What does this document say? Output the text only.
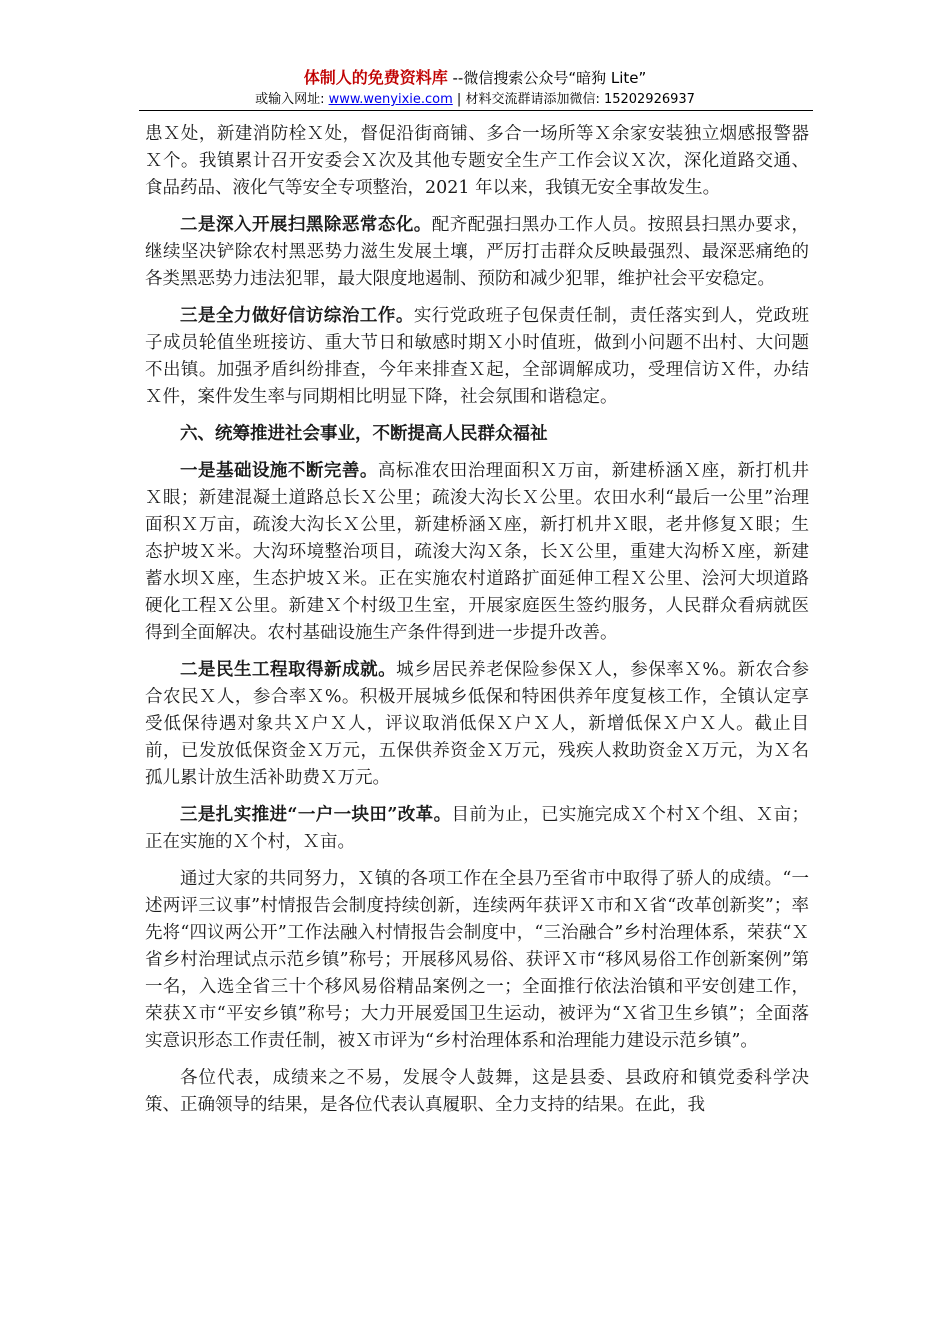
体制人的免费资料库 --微信搜索公众号“暗狗 Lite”
或输入网址: www.wenyixie.com | 材料交流群请添加微信: 15202926937

患Ｘ处，新建消防栓Ｘ处，督促沿街商铺、多合一场所等Ｘ余家安装独立烟感报警器Ｘ个。我镇累计召开安委会Ｘ次及其他专题安全生产工作会议Ｘ次，深化道路交通、食品药品、液化气等安全专项整治，2021 年以来，我镇无安全事故发生。

二是深入开展扫黑除恶常态化。配齐配强扫黑办工作人员。按照县扫黑办要求，继续坚决铲除农村黑恶势力滋生发展土壤，严厉打击群众反映最强烈、最深恶痛绝的各类黑恶势力违法犯罪，最大限度地遏制、预防和减少犯罪，维护社会平安稳定。

三是全力做好信访综治工作。实行党政班子包保责任制，责任落实到人，党政班子成员轮值坐班接访、重大节日和敏感时期Ｘ小时值班，做到小问题不出村、大问题不出镇。加强矛盾纠纷排查，今年来排查Ｘ起，全部调解成功，受理信访Ｘ件，办结Ｘ件，案件发生率与同期相比明显下降，社会氛围和谐稳定。

六、统筹推进社会事业，不断提高人民群众福祉

一是基础设施不断完善。高标准农田治理面积Ｘ万亩，新建桥涵Ｘ座，新打机井Ｘ眼；新建混凝土道路总长Ｘ公里；疏浚大沟长Ｘ公里。农田水利“最后一公里”治理面积Ｘ万亩，疏浚大沟长Ｘ公里，新建桥涵Ｘ座，新打机井Ｘ眼，老井修复Ｘ眼；生态护坡Ｘ米。大沟环境整治项目，疏浚大沟Ｘ条，长Ｘ公里，重建大沟桥Ｘ座，新建蓄水坝Ｘ座，生态护坡Ｘ米。正在实施农村道路扩面延伸工程Ｘ公里、浍河大坝道路硬化工程Ｘ公里。新建Ｘ个村级卫生室，开展家庭医生签约服务，人民群众看病就医得到全面解决。农村基础设施生产条件得到进一步提升改善。

二是民生工程取得新成就。城乡居民养老保险参保Ｘ人，参保率Ｘ%。新农合参合农民Ｘ人，参合率Ｘ%。积极开展城乡低保和特困供养年度复核工作，全镇认定享受低保待遇对象共Ｘ户Ｘ人，评议取消低保Ｘ户Ｘ人，新增低保Ｘ户Ｘ人。截止目前，已发放低保资金Ｘ万元，五保供养资金Ｘ万元，残疾人救助资金Ｘ万元，为Ｘ名孤儿累计放生活补助费Ｘ万元。

三是扎实推进“一户一块田”改革。目前为止，已实施完成Ｘ个村Ｘ个组、Ｘ亩；正在实施的Ｘ个村，Ｘ亩。

通过大家的共同努力，Ｘ镇的各项工作在全县乃至省市中取得了骄人的成绩。“一述两评三议事”村情报告会制度持续创新，连续两年获评Ｘ市和Ｘ省“改革创新奖”；率先将“四议两公开”工作法融入村情报告会制度中，“三治融合”乡村治理体系，荣获“Ｘ省乡村治理试点示范乡镇”称号；开展移风易俗、获评Ｘ市“移风易俗工作创新案例”第一名，入选全省三十个移风易俗精品案例之一；全面推行依法治镇和平安创建工作，荣获Ｘ市“平安乡镇”称号；大力开展爱国卫生运动，被评为“Ｘ省卫生乡镇”；全面落实意识形态工作责任制，被Ｘ市评为“乡村治理体系和治理能力建设示范乡镇”。

各位代表，成绩来之不易，发展令人鼓舞，这是县委、县政府和镇党委科学决策、正确领导的结果，是各位代表认真履职、全力支持的结果。在此，我
